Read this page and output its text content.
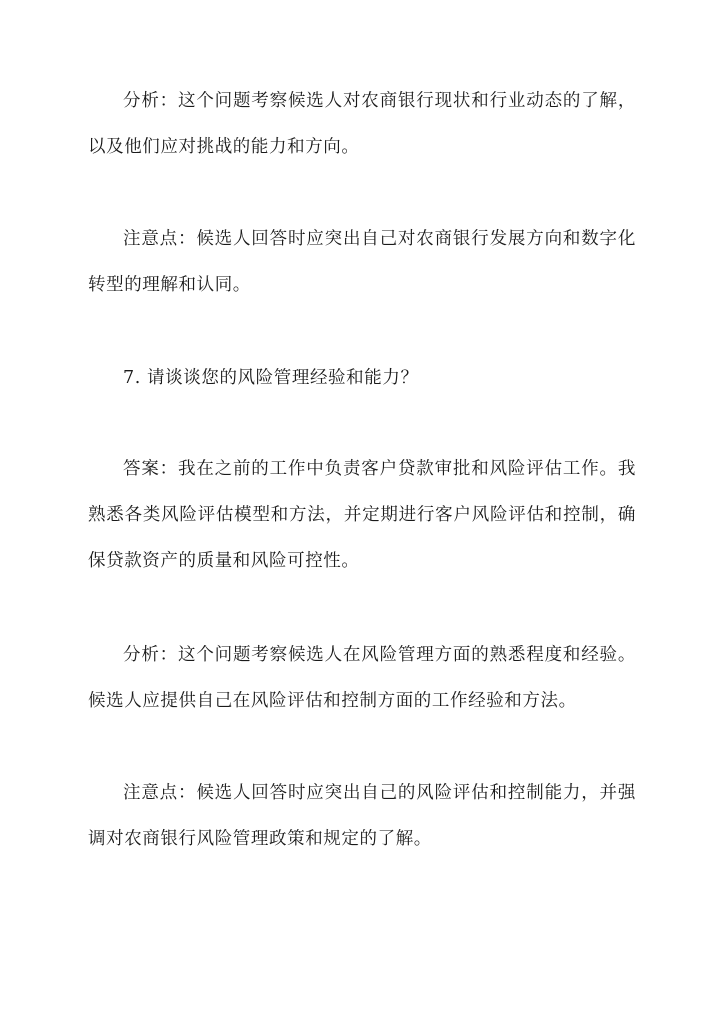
分析：这个问题考察候选人对农商银行现状和行业动态的了解，以及他们应对挑战的能力和方向。

注意点：候选人回答时应突出自己对农商银行发展方向和数字化转型的理解和认同。

7. 请谈谈您的风险管理经验和能力？

答案：我在之前的工作中负责客户贷款审批和风险评估工作。我熟悉各类风险评估模型和方法，并定期进行客户风险评估和控制，确保贷款资产的质量和风险可控性。

分析：这个问题考察候选人在风险管理方面的熟悉程度和经验。候选人应提供自己在风险评估和控制方面的工作经验和方法。

注意点：候选人回答时应突出自己的风险评估和控制能力，并强调对农商银行风险管理政策和规定的了解。
